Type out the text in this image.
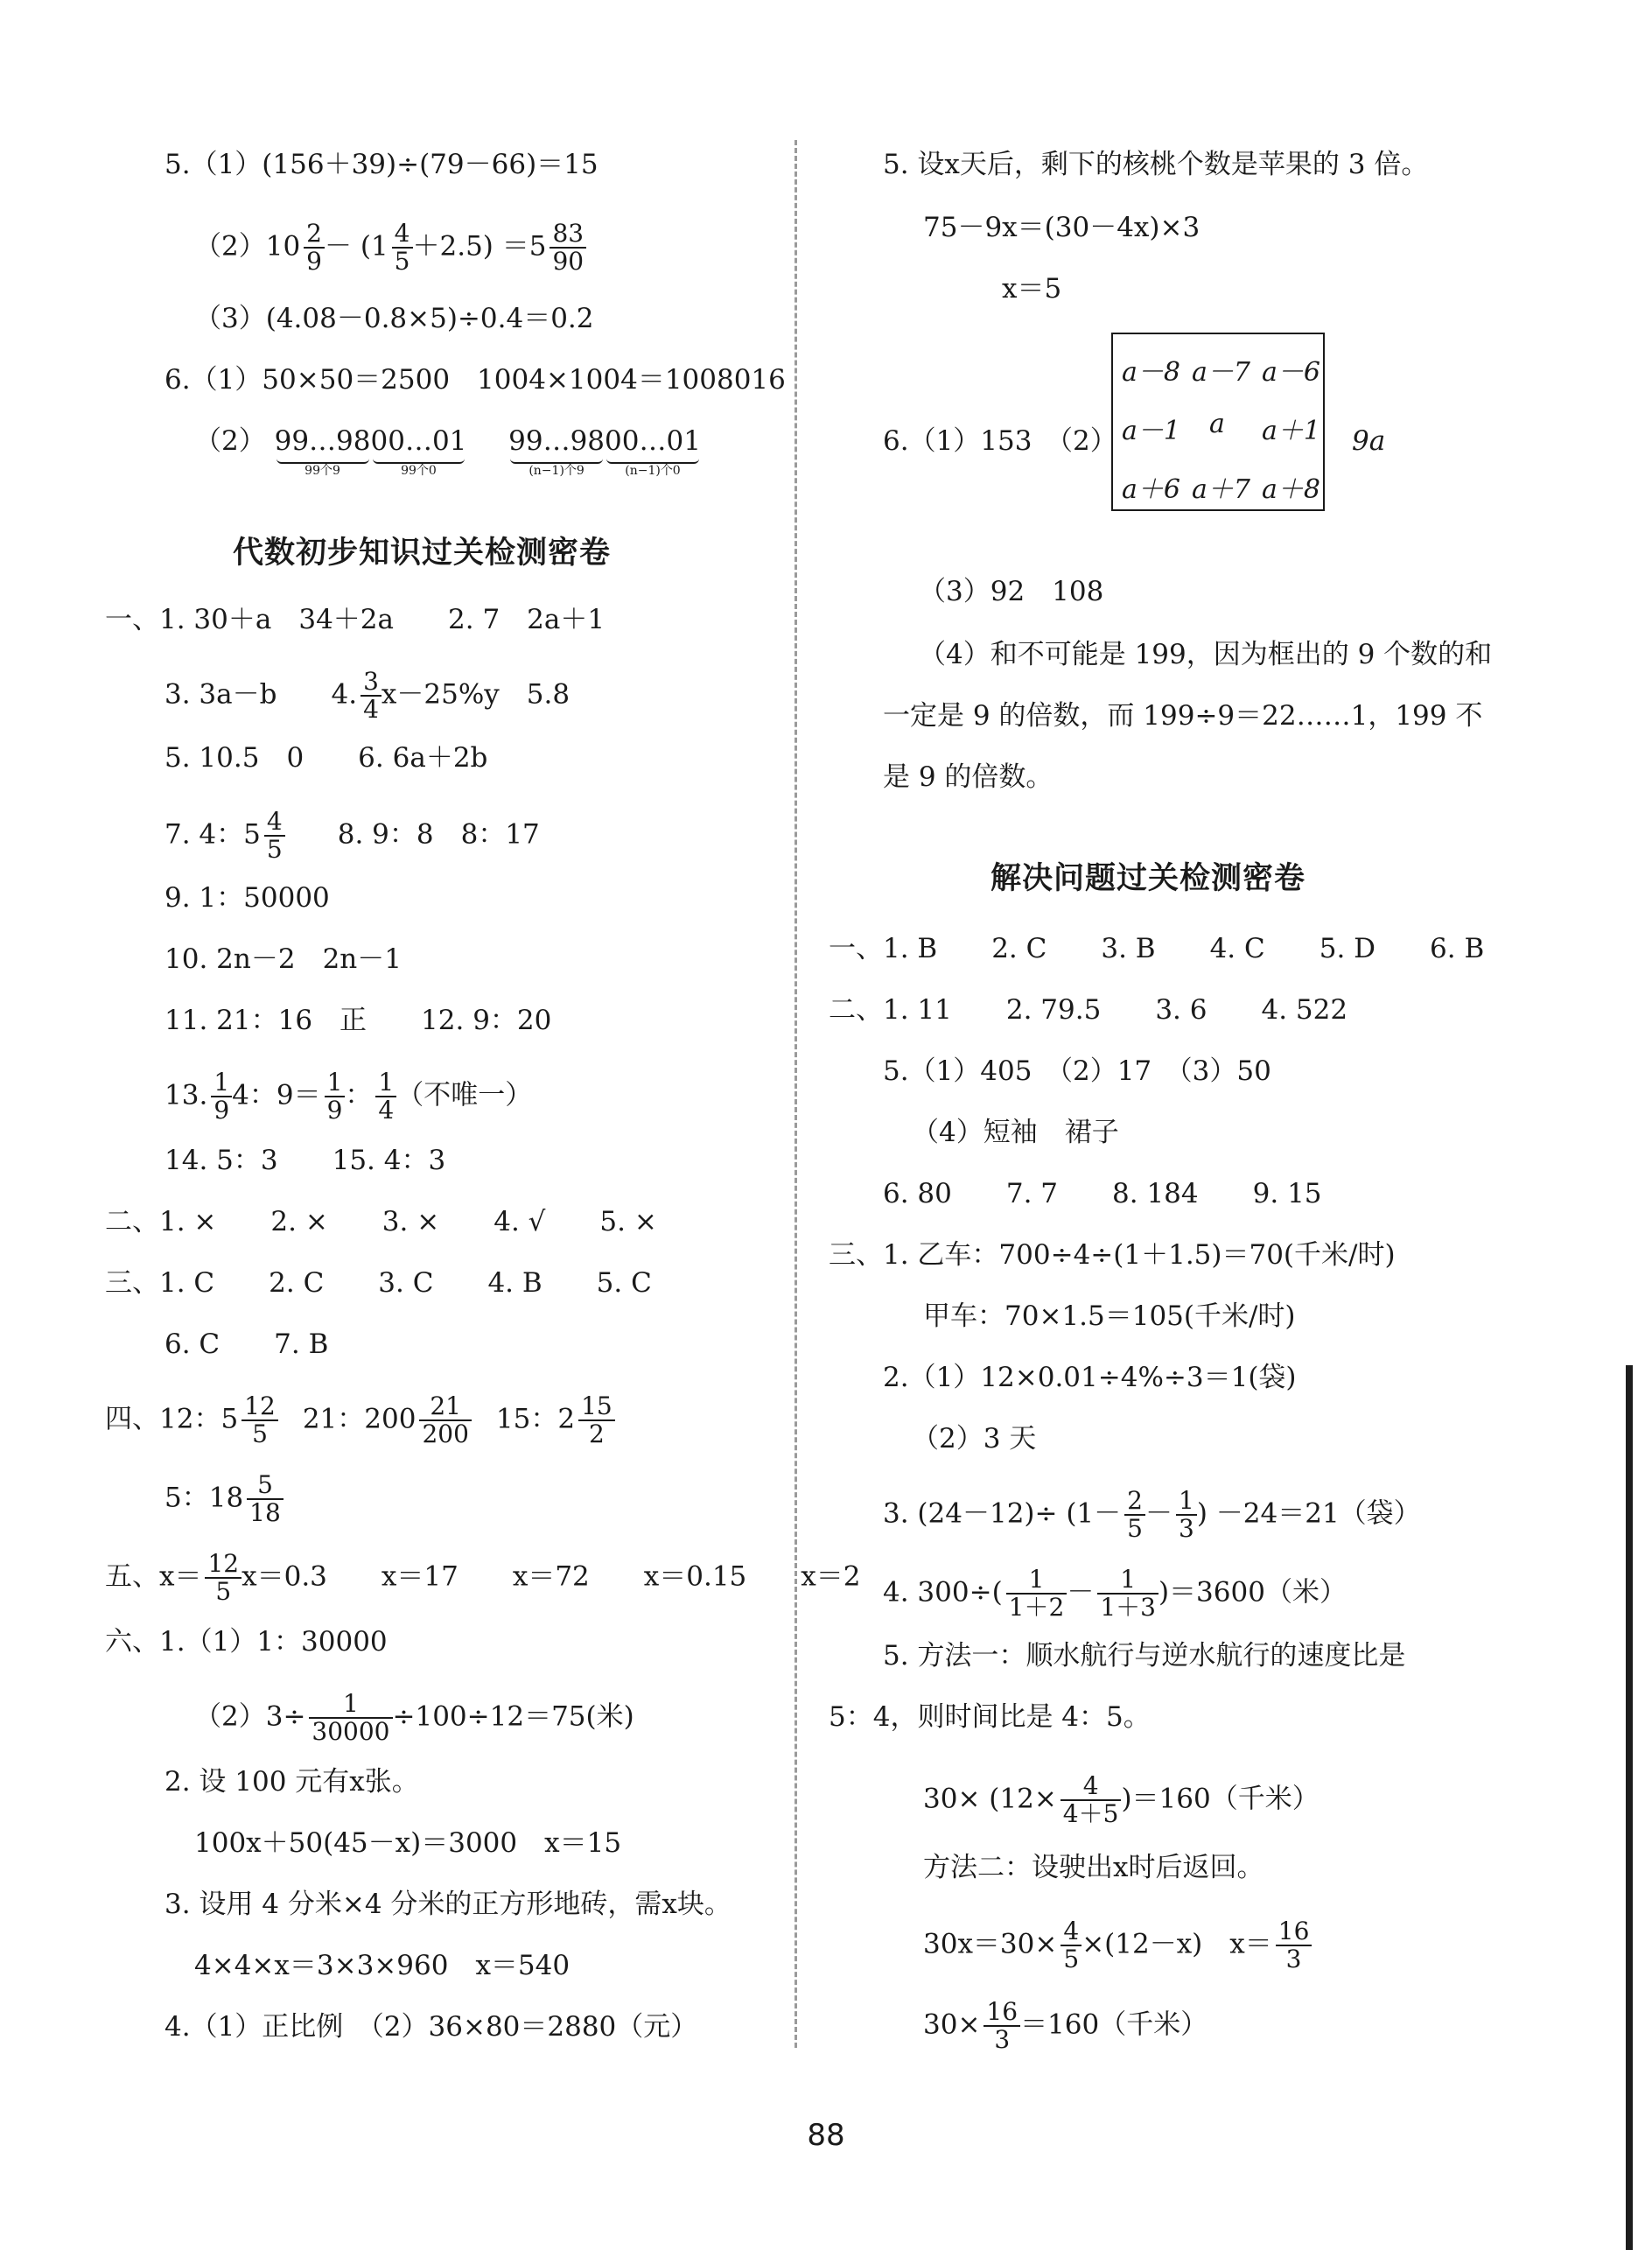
5.（1）(156＋39)÷(79－66)＝15
$(2)10 \frac{2}{9} - (1 \frac{4}{5} +2.5) =5 \frac{83}{90}$
（3）(4.08－0.8×5)÷0.4＝0.2
6.（1）50×50＝2500　1004×1004＝1008016
（2） 99…98
99个9
00…01
99个0

99…98
(n−1)个9
00…01
(n−1)个0
代数初步知识过关检测密卷
一、1. 30＋a　34＋2a　　2. 7　2a＋1
3. 3a－b　　4. $\frac{3}{4} x-25\%y$　5.8
5. 10.5　0　　6. 6a＋2b
7. 4：$5 \frac{4}{5} 8$. 9：8　8：17
9. 1：50000
10. 2n－2　2n－1
11. 21：16　正　　12. 9：20
13. $\frac{1}{9} 4$：$9= \frac{1}{9}$ ： $\frac{1}{4}$ （不唯一）
14. 5：3　　15. 4：3
二、1. ×　　2. ×　　3. ×　　4. √　　5. ×
三、1. C　　2. C　　3. C　　4. B　　5. C
6. C　　7. B
四、12：$5 \frac{12}{5} 21$：$200 \frac{21}{200} 15$：$2 \frac{15}{2}$
5：$18 \frac{5}{18}$
五、$x= \frac{12}{5} x=0.3$　　x＝17　　x＝72　　x＝0.15　　x＝2
六、1.（1）1：30000
$(2)3\div \frac{1}{30000} \div 100\div 12=75$(米)
2. 设 100 元有x张。
100x＋50(45－x)＝3000　x＝15
3. 设用 4 分米×4 分米的正方形地砖，需x块。
4×4×x＝3×3×960　x＝540
4.（1）正比例　（2）36×80＝2880（元）
5. 设x天后，剩下的核桃个数是苹果的 3 倍。
75－9x＝(30－4x)×3
x＝5
6.（1）153　（2）
a－8 a－7 a－6
a－1 a a＋1
a＋6 a＋7 a＋8
9a
（3）92　108
（4）和不可能是 199，因为框出的 9 个数的和
一定是 9 的倍数，而 199÷9＝22……1，199 不
是 9 的倍数。
解决问题过关检测密卷
一、1. B　　2. C　　3. B　　4. C　　5. D　　6. B
二、1. 11　　2. 79.5　　3. 6　　4. 522
5.（1）405　（2）17　（3）50
（4）短袖　裙子
6. 80　　7. 7　　8. 184　　9. 15
三、1. 乙车：700÷4÷(1＋1.5)＝70(千米/时)
甲车：70×1.5＝105(千米/时)
2.（1）12×0.01÷4%÷3＝1(袋)
（2）3 天
3. $(24-12)\div (1- \frac{2}{5} - \frac{1}{3}$ ) －24＝21（袋）
4. $300\div( \frac{1}{1+2} - \frac{1}{1+3} )=3600$（米）
5. 方法一：顺水航行与逆水航行的速度比是
5：4，则时间比是 4：5。
$30\times (12\times \frac{4}{4+5} )=160$（千米）
方法二：设驶出x时后返回。
$30x=30\times \frac{4}{5} \times(12-x)$　$x= \frac{16}{3}$
$30\times \frac{16}{3} =160$（千米）
88
